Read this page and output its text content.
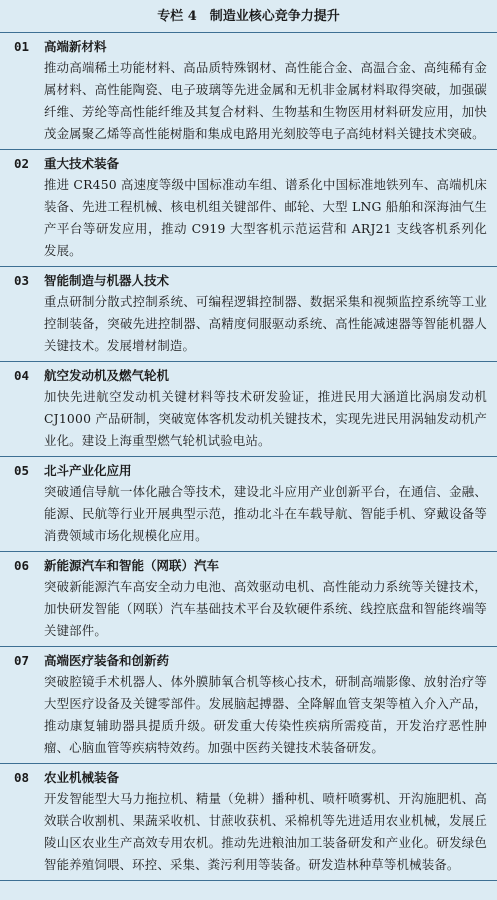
专栏 4　制造业核心竞争力提升
01	高端新材料
推动高端稀土功能材料、高品质特殊钢材、高性能合金、高温合金、高纯稀有金属材料、高性能陶瓷、电子玻璃等先进金属和无机非金属材料取得突破，加强碳纤维、芳纶等高性能纤维及其复合材料、生物基和生物医用材料研发应用，加快茂金属聚乙烯等高性能树脂和集成电路用光刻胶等电子高纯材料关键技术突破。
02	重大技术装备
推进 CR450 高速度等级中国标准动车组、谱系化中国标准地铁列车、高端机床装备、先进工程机械、核电机组关键部件、邮轮、大型 LNG 船舶和深海油气生产平台等研发应用，推动 C919 大型客机示范运营和 ARJ21 支线客机系列化发展。
03	智能制造与机器人技术
重点研制分散式控制系统、可编程逻辑控制器、数据采集和视频监控系统等工业控制装备，突破先进控制器、高精度伺服驱动系统、高性能减速器等智能机器人关键技术。发展增材制造。
04	航空发动机及燃气轮机
加快先进航空发动机关键材料等技术研发验证，推进民用大涵道比涡扇发动机 CJ1000 产品研制，突破宽体客机发动机关键技术，实现先进民用涡轴发动机产业化。建设上海重型燃气轮机试验电站。
05	北斗产业化应用
突破通信导航一体化融合等技术，建设北斗应用产业创新平台，在通信、金融、能源、民航等行业开展典型示范，推动北斗在车载导航、智能手机、穿戴设备等消费领域市场化规模化应用。
06	新能源汽车和智能（网联）汽车
突破新能源汽车高安全动力电池、高效驱动电机、高性能动力系统等关键技术，加快研发智能（网联）汽车基础技术平台及软硬件系统、线控底盘和智能终端等关键部件。
07	高端医疗装备和创新药
突破腔镜手术机器人、体外膜肺氧合机等核心技术，研制高端影像、放射治疗等大型医疗设备及关键零部件。发展脑起搏器、全降解血管支架等植入介入产品，推动康复辅助器具提质升级。研发重大传染性疾病所需疫苗，开发治疗恶性肿瘤、心脑血管等疾病特效药。加强中医药关键技术装备研发。
08	农业机械装备
开发智能型大马力拖拉机、精量（免耕）播种机、喷杆喷雾机、开沟施肥机、高效联合收割机、果蔬采收机、甘蔗收获机、采棉机等先进适用农业机械，发展丘陵山区农业生产高效专用农机。推动先进粮油加工装备研发和产业化。研发绿色智能养殖饲喂、环控、采集、粪污利用等装备。研发造林种草等机械装备。
